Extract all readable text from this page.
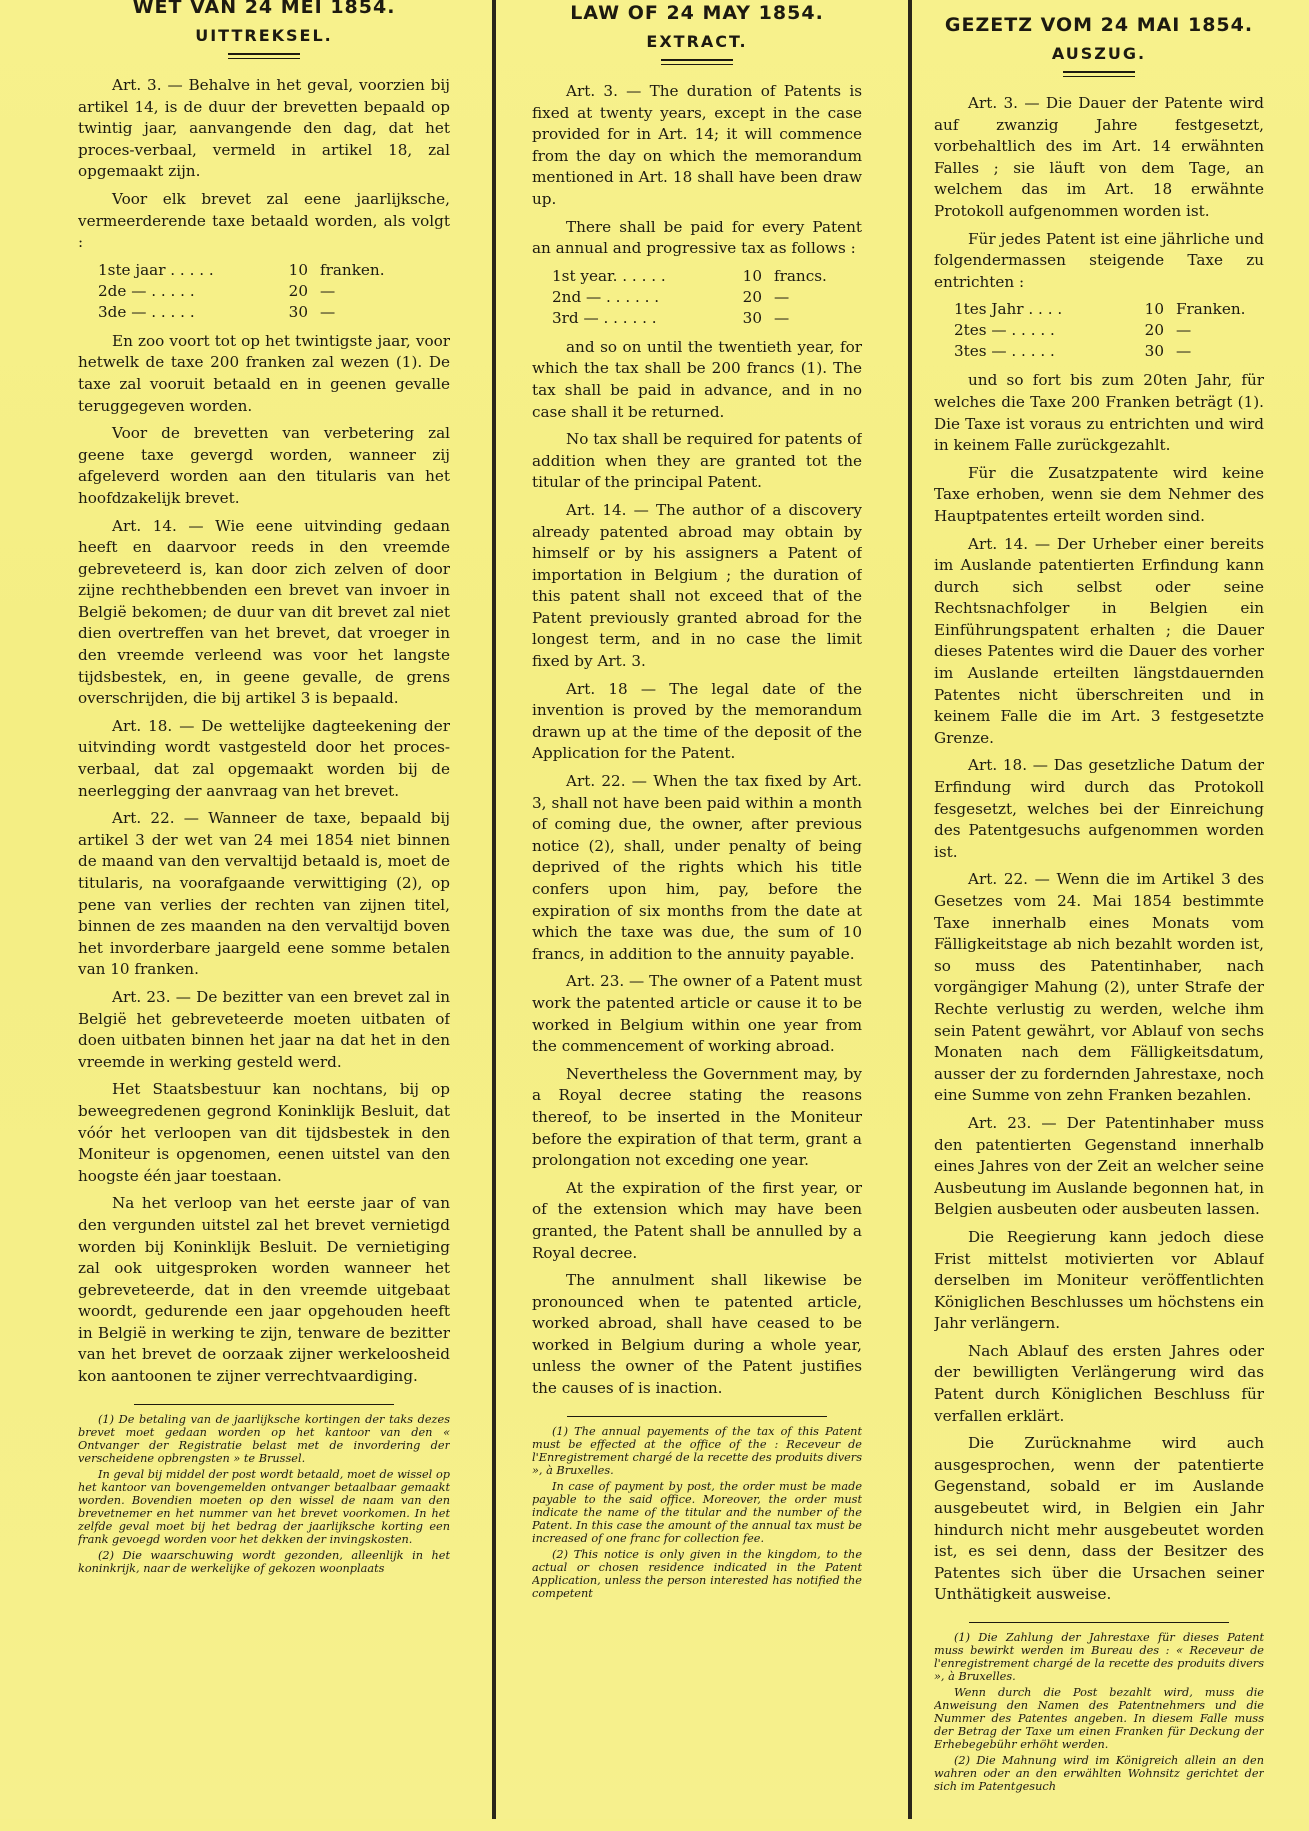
WET VAN 24 MEI 1854.
UITTREKSEL.

Art. 3. — Behalve in het geval, voorzien bij artikel 14, is de duur der brevetten bepaald op twintig jaar, aanvangende den dag, dat het proces-verbaal, vermeld in artikel 18, zal opgemaakt zijn.

Voor elk brevet zal eene jaarlijksche, vermeerderende taxe betaald worden, als volgt :

1ste jaar . . . . .	10 franken.
2de — . . . . .	20 —
3de — . . . . .	30 —

En zoo voort tot op het twintigste jaar, voor hetwelk de taxe 200 franken zal wezen (1). De taxe zal vooruit betaald en in geenen gevalle teruggegeven worden.

Voor de brevetten van verbetering zal geene taxe gevergd worden, wanneer zij afgeleverd worden aan den titularis van het hoofdzakelijk brevet.

Art. 14. — Wie eene uitvinding gedaan heeft en daarvoor reeds in den vreemde gebreveteerd is, kan door zich zelven of door zijne rechthebbenden een brevet van invoer in België bekomen; de duur van dit brevet zal niet dien overtreffen van het brevet, dat vroeger in den vreemde verleend was voor het langste tijdsbestek, en, in geene gevalle, de grens overschrijden, die bij artikel 3 is bepaald.

Art. 18. — De wettelijke dagteekening der uitvinding wordt vastgesteld door het proces-verbaal, dat zal opgemaakt worden bij de neerlegging der aanvraag van het brevet.

Art. 22. — Wanneer de taxe, bepaald bij artikel 3 der wet van 24 mei 1854 niet binnen de maand van den vervaltijd betaald is, moet de titularis, na voorafgaande verwittiging (2), op pene van verlies der rechten van zijnen titel, binnen de zes maanden na den vervaltijd boven het invorderbare jaargeld eene somme betalen van 10 franken.

Art. 23. — De bezitter van een brevet zal in België het gebreveteerde moeten uitbaten of doen uitbaten binnen het jaar na dat het in den vreemde in werking gesteld werd.

Het Staatsbestuur kan nochtans, bij op beweegredenen gegrond Koninklijk Besluit, dat vóór het verloopen van dit tijdsbestek in den Moniteur is opgenomen, eenen uitstel van den hoogste één jaar toestaan.

Na het verloop van het eerste jaar of van den vergunden uitstel zal het brevet vernietigd worden bij Koninklijk Besluit. De vernietiging zal ook uitgesproken worden wanneer het gebreveteerde, dat in den vreemde uitgebaat woordt, gedurende een jaar opgehouden heeft in België in werking te zijn, tenware de bezitter van het brevet de oorzaak zijner werkeloosheid kon aantoonen te zijner verrechtvaardiging.

(1) De betaling van de jaarlijksche kortingen der taks dezes brevet moet gedaan worden op het kantoor van den « Ontvanger der Registratie belast met de invordering der verscheidene opbrengsten » te Brussel.

In geval bij middel der post wordt betaald, moet de wissel op het kantoor van bovengemelden ontvanger betaalbaar gemaakt worden. Bovendien moeten op den wissel de naam van den brevetnemer en het nummer van het brevet voorkomen. In het zelfde geval moet bij het bedrag der jaarlijksche korting een frank gevoegd worden voor het dekken der invingskosten.

(2) Die waarschuwing wordt gezonden, alleenlijk in het koninkrijk, naar de werkelijke of gekozen woonplaats

LAW OF 24 MAY 1854.
EXTRACT.

Art. 3. — The duration of Patents is fixed at twenty years, except in the case provided for in Art. 14; it will commence from the day on which the memorandum mentioned in Art. 18 shall have been draw up.

There shall be paid for every Patent an annual and progressive tax as follows :

1st year. . . . . .	10 francs.
2nd — . . . . . .	20 —
3rd — . . . . . .	30 —

and so on until the twentieth year, for which the tax shall be 200 francs (1). The tax shall be paid in advance, and in no case shall it be returned.

No tax shall be required for patents of addition when they are granted tot the titular of the principal Patent.

Art. 14. — The author of a discovery already patented abroad may obtain by himself or by his assigners a Patent of importation in Belgium ; the duration of this patent shall not exceed that of the Patent previously granted abroad for the longest term, and in no case the limit fixed by Art. 3.

Art. 18 — The legal date of the invention is proved by the memorandum drawn up at the time of the deposit of the Application for the Patent.

Art. 22. — When the tax fixed by Art. 3, shall not have been paid within a month of coming due, the owner, after previous notice (2), shall, under penalty of being deprived of the rights which his title confers upon him, pay, before the expiration of six months from the date at which the taxe was due, the sum of 10 francs, in addition to the annuity payable.

Art. 23. — The owner of a Patent must work the patented article or cause it to be worked in Belgium within one year from the commencement of working abroad.

Nevertheless the Government may, by a Royal decree stating the reasons thereof, to be inserted in the Moniteur before the expiration of that term, grant a prolongation not exceding one year.

At the expiration of the first year, or of the extension which may have been granted, the Patent shall be annulled by a Royal decree.

The annulment shall likewise be pronounced when te patented article, worked abroad, shall have ceased to be worked in Belgium during a whole year, unless the owner of the Patent justifies the causes of is inaction.

(1) The annual payements of the tax of this Patent must be effected at the office of the : Receveur de l'Enregistrement chargé de la recette des produits divers », à Bruxelles.

In case of payment by post, the order must be made payable to the said office. Moreover, the order must indicate the name of the titular and the number of the Patent. In this case the amount of the annual tax must be increased of one franc for collection fee.

(2) This notice is only given in the kingdom, to the actual or chosen residence indicated in the Patent Application, unless the person interested has notified the competent

GEZETZ VOM 24 MAI 1854.
AUSZUG.

Art. 3. — Die Dauer der Patente wird auf zwanzig Jahre festgesetzt, vorbehaltlich des im Art. 14 erwähnten Falles ; sie läuft von dem Tage, an welchem das im Art. 18 erwähnte Protokoll aufgenommen worden ist.

Für jedes Patent ist eine jährliche und folgendermassen steigende Taxe zu entrichten :

1tes Jahr . . . .	10 Franken.
2tes — . . . . .	20 —
3tes — . . . . .	30 —

und so fort bis zum 20ten Jahr, für welches die Taxe 200 Franken beträgt (1). Die Taxe ist voraus zu entrichten und wird in keinem Falle zurückgezahlt.

Für die Zusatzpatente wird keine Taxe erhoben, wenn sie dem Nehmer des Hauptpatentes erteilt worden sind.

Art. 14. — Der Urheber einer bereits im Auslande patentierten Erfindung kann durch sich selbst oder seine Rechtsnachfolger in Belgien ein Einführungspatent erhalten ; die Dauer dieses Patentes wird die Dauer des vorher im Auslande erteilten längstdauernden Patentes nicht überschreiten und in keinem Falle die im Art. 3 festgesetzte Grenze.

Art. 18. — Das gesetzliche Datum der Erfindung wird durch das Protokoll fesgesetzt, welches bei der Einreichung des Patentgesuchs aufgenommen worden ist.

Art. 22. — Wenn die im Artikel 3 des Gesetzes vom 24. Mai 1854 bestimmte Taxe innerhalb eines Monats vom Fälligkeitstage ab nich bezahlt worden ist, so muss des Patentinhaber, nach vorgängiger Mahung (2), unter Strafe der Rechte verlustig zu werden, welche ihm sein Patent gewährt, vor Ablauf von sechs Monaten nach dem Fälligkeitsdatum, ausser der zu fordernden Jahrestaxe, noch eine Summe von zehn Franken bezahlen.

Art. 23. — Der Patentinhaber muss den patentierten Gegenstand innerhalb eines Jahres von der Zeit an welcher seine Ausbeutung im Auslande begonnen hat, in Belgien ausbeuten oder ausbeuten lassen.

Die Reegierung kann jedoch diese Frist mittelst motivierten vor Ablauf derselben im Moniteur veröffentlichten Königlichen Beschlusses um höchstens ein Jahr verlängern.

Nach Ablauf des ersten Jahres oder der bewilligten Verlängerung wird das Patent durch Königlichen Beschluss für verfallen erklärt.

Die Zurücknahme wird auch ausgesprochen, wenn der patentierte Gegenstand, sobald er im Auslande ausgebeutet wird, in Belgien ein Jahr hindurch nicht mehr ausgebeutet worden ist, es sei denn, dass der Besitzer des Patentes sich über die Ursachen seiner Unthätigkeit ausweise.

(1) Die Zahlung der Jahrestaxe für dieses Patent muss bewirkt werden im Bureau des : « Receveur de l'enregistrement chargé de la recette des produits divers », à Bruxelles.

Wenn durch die Post bezahlt wird, muss die Anweisung den Namen des Patentnehmers und die Nummer des Patentes angeben. In diesem Falle muss der Betrag der Taxe um einen Franken für Deckung der Erhebegebühr erhöht werden.

(2) Die Mahnung wird im Königreich allein an den wahren oder an den erwählten Wohnsitz gerichtet der sich im Patentgesuch
